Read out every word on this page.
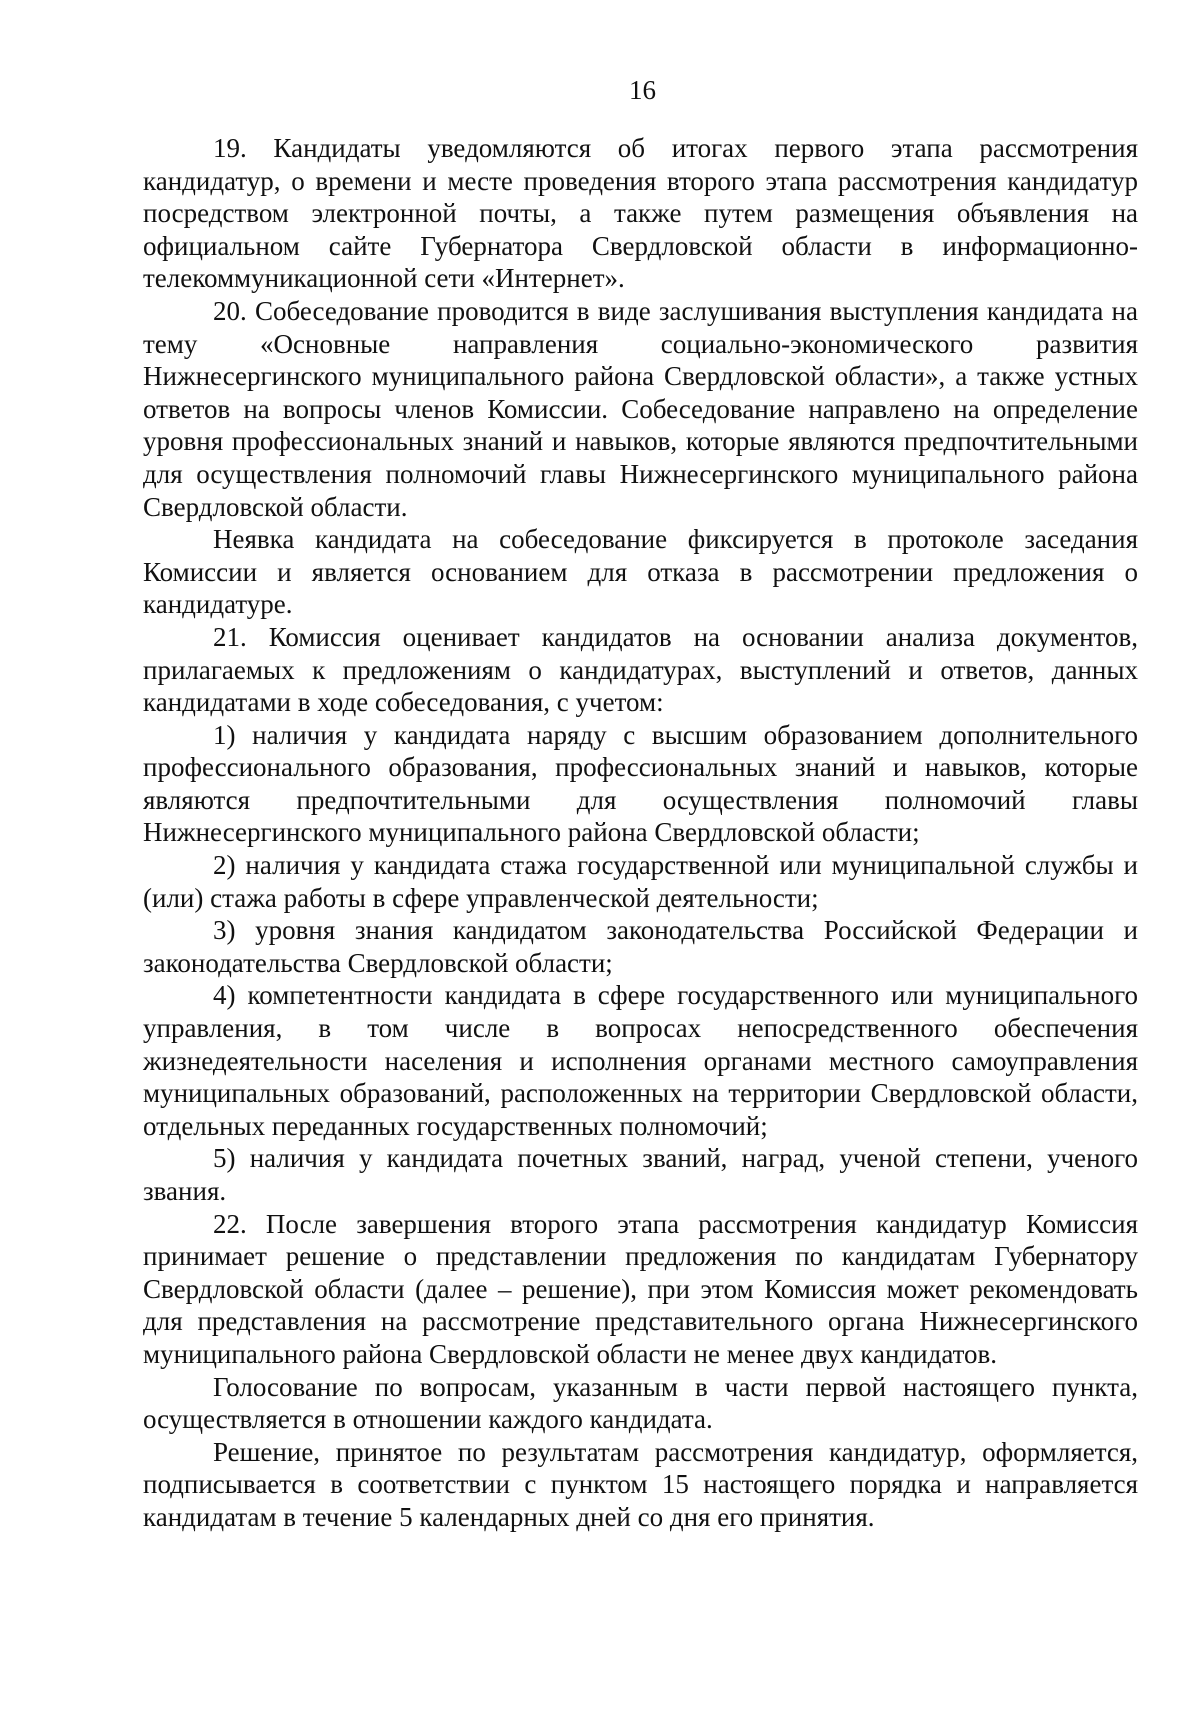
16

19. Кандидаты уведомляются об итогах первого этапа рассмотрения кандидатур, о времени и месте проведения второго этапа рассмотрения кандидатур посредством электронной почты, а также путем размещения объявления на официальном сайте Губернатора Свердловской области в информационно-телекоммуникационной сети «Интернет».

20. Собеседование проводится в виде заслушивания выступления кандидата на тему «Основные направления социально-экономического развития Нижнесергинского муниципального района Свердловской области», а также устных ответов на вопросы членов Комиссии. Собеседование направлено на определение уровня профессиональных знаний и навыков, которые являются предпочтительными для осуществления полномочий главы Нижнесергинского муниципального района Свердловской области.

Неявка кандидата на собеседование фиксируется в протоколе заседания Комиссии и является основанием для отказа в рассмотрении предложения о кандидатуре.

21. Комиссия оценивает кандидатов на основании анализа документов, прилагаемых к предложениям о кандидатурах, выступлений и ответов, данных кандидатами в ходе собеседования, с учетом:

1) наличия у кандидата наряду с высшим образованием дополнительного профессионального образования, профессиональных знаний и навыков, которые являются предпочтительными для осуществления полномочий главы Нижнесергинского муниципального района Свердловской области;

2) наличия у кандидата стажа государственной или муниципальной службы и (или) стажа работы в сфере управленческой деятельности;

3) уровня знания кандидатом законодательства Российской Федерации и законодательства Свердловской области;

4) компетентности кандидата в сфере государственного или муниципального управления, в том числе в вопросах непосредственного обеспечения жизнедеятельности населения и исполнения органами местного самоуправления муниципальных образований, расположенных на территории Свердловской области, отдельных переданных государственных полномочий;

5) наличия у кандидата почетных званий, наград, ученой степени, ученого звания.

22. После завершения второго этапа рассмотрения кандидатур Комиссия принимает решение о представлении предложения по кандидатам Губернатору Свердловской области (далее – решение), при этом Комиссия может рекомендовать для представления на рассмотрение представительного органа Нижнесергинского муниципального района Свердловской области не менее двух кандидатов.

Голосование по вопросам, указанным в части первой настоящего пункта, осуществляется в отношении каждого кандидата.

Решение, принятое по результатам рассмотрения кандидатур, оформляется, подписывается в соответствии с пунктом 15 настоящего порядка и направляется кандидатам в течение 5 календарных дней со дня его принятия.
